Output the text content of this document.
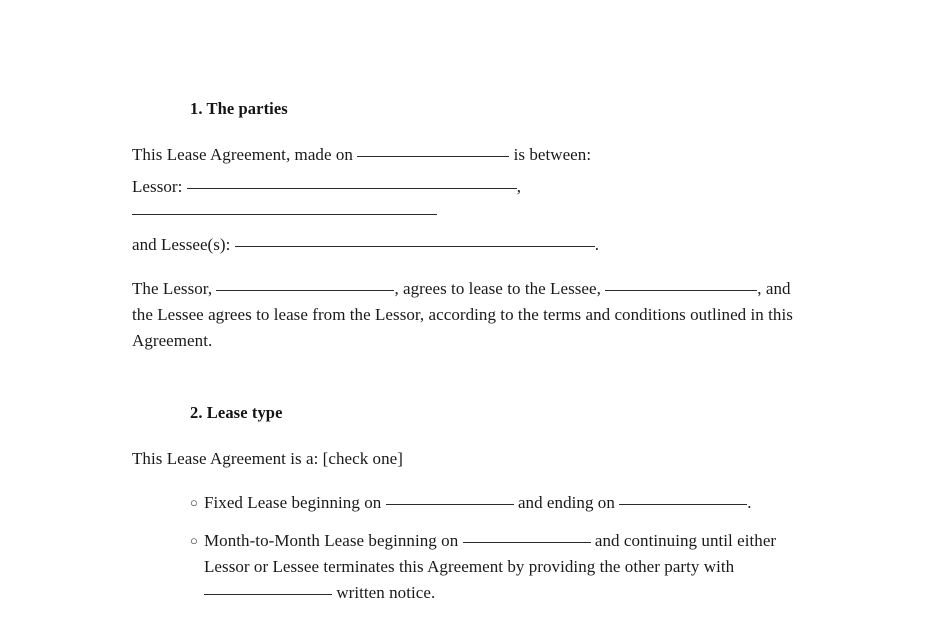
1. The parties

This Lease Agreement, made on	is between:

Lessor:	,

and Lessee(s):	.

The Lessor,	, agrees to lease to the Lessee,	, and the Lessee agrees to lease from the Lessor, according to the terms and conditions outlined in this Agreement.

2. Lease type

This Lease Agreement is a: [check one]

○ Fixed Lease beginning on	and ending on	.
○ Month-to-Month Lease beginning on	and continuing until either Lessor or Lessee terminates this Agreement by providing the other party with  written notice.
